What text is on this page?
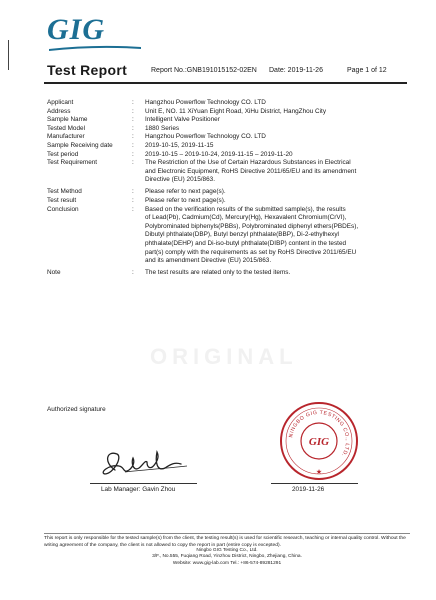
GIG
Test Report	Report No.:GNB191015152-02EN Date: 2019-11-26	Page 1 of 12
ORIGINAL
Applicant	:	Hangzhou Powerflow Technology CO. LTD
Address	:	Unit E, NO. 11 XiYuan Eight Road, XiHu District, HangZhou City
Sample Name	:	Intelligent Valve Positioner
Tested Model	:	1880 Series
Manufacturer	:	Hangzhou Powerflow Technology CO. LTD
Sample Receiving date	:	2019-10-15, 2019-11-15
Test period	:	2019-10-15 – 2019-10-24, 2019-11-15 – 2019-11-20
Test Requirement	:	The Restriction of the Use of Certain Hazardous Substances in Electrical
and Electronic Equipment, RoHS Directive 2011/65/EU and its amendment
Directive (EU) 2015/863.
Test Method	:	Please refer to next page(s).
Test result	:	Please refer to next page(s).
Conclusion	:	Based on the verification results of the submitted sample(s), the results
of Lead(Pb), Cadmium(Cd), Mercury(Hg), Hexavalent Chromium(CrVI),
Polybrominated biphenyls(PBBs), Polybrominated diphenyl ethers(PBDEs),
Dibutyl phthalate(DBP), Butyl benzyl phthalate(BBP), Di-2-ethylhexyl
phthalate(DEHP) and Di-iso-butyl phthalate(DIBP) content in the tested
part(s) comply with the requirements as set by RoHS Directive 2011/65/EU
and its amendment Directive (EU) 2015/863.
Note	:	The test results are related only to the tested items.
Authorized signature
NINGBO GIG TESTING CO., LTD.
GIG
★
Lab Manager: Gavin Zhou	2019-11-26
This report is only responsible for the tested sample(s) from the client, the testing result(s) is used for scientific research, teaching or internal quality control. Without the writing agreement of the company, the client is not allowed to copy the report in part (entire copy is excepted).
Ningbo GIG Testing Co., Ltd.
3/F., No.555, Fuqiang Road, Yinzhou District, Ningbo, Zhejiang, China.
Website: www.gig-lab.com Tel.: +86-574-89281291
